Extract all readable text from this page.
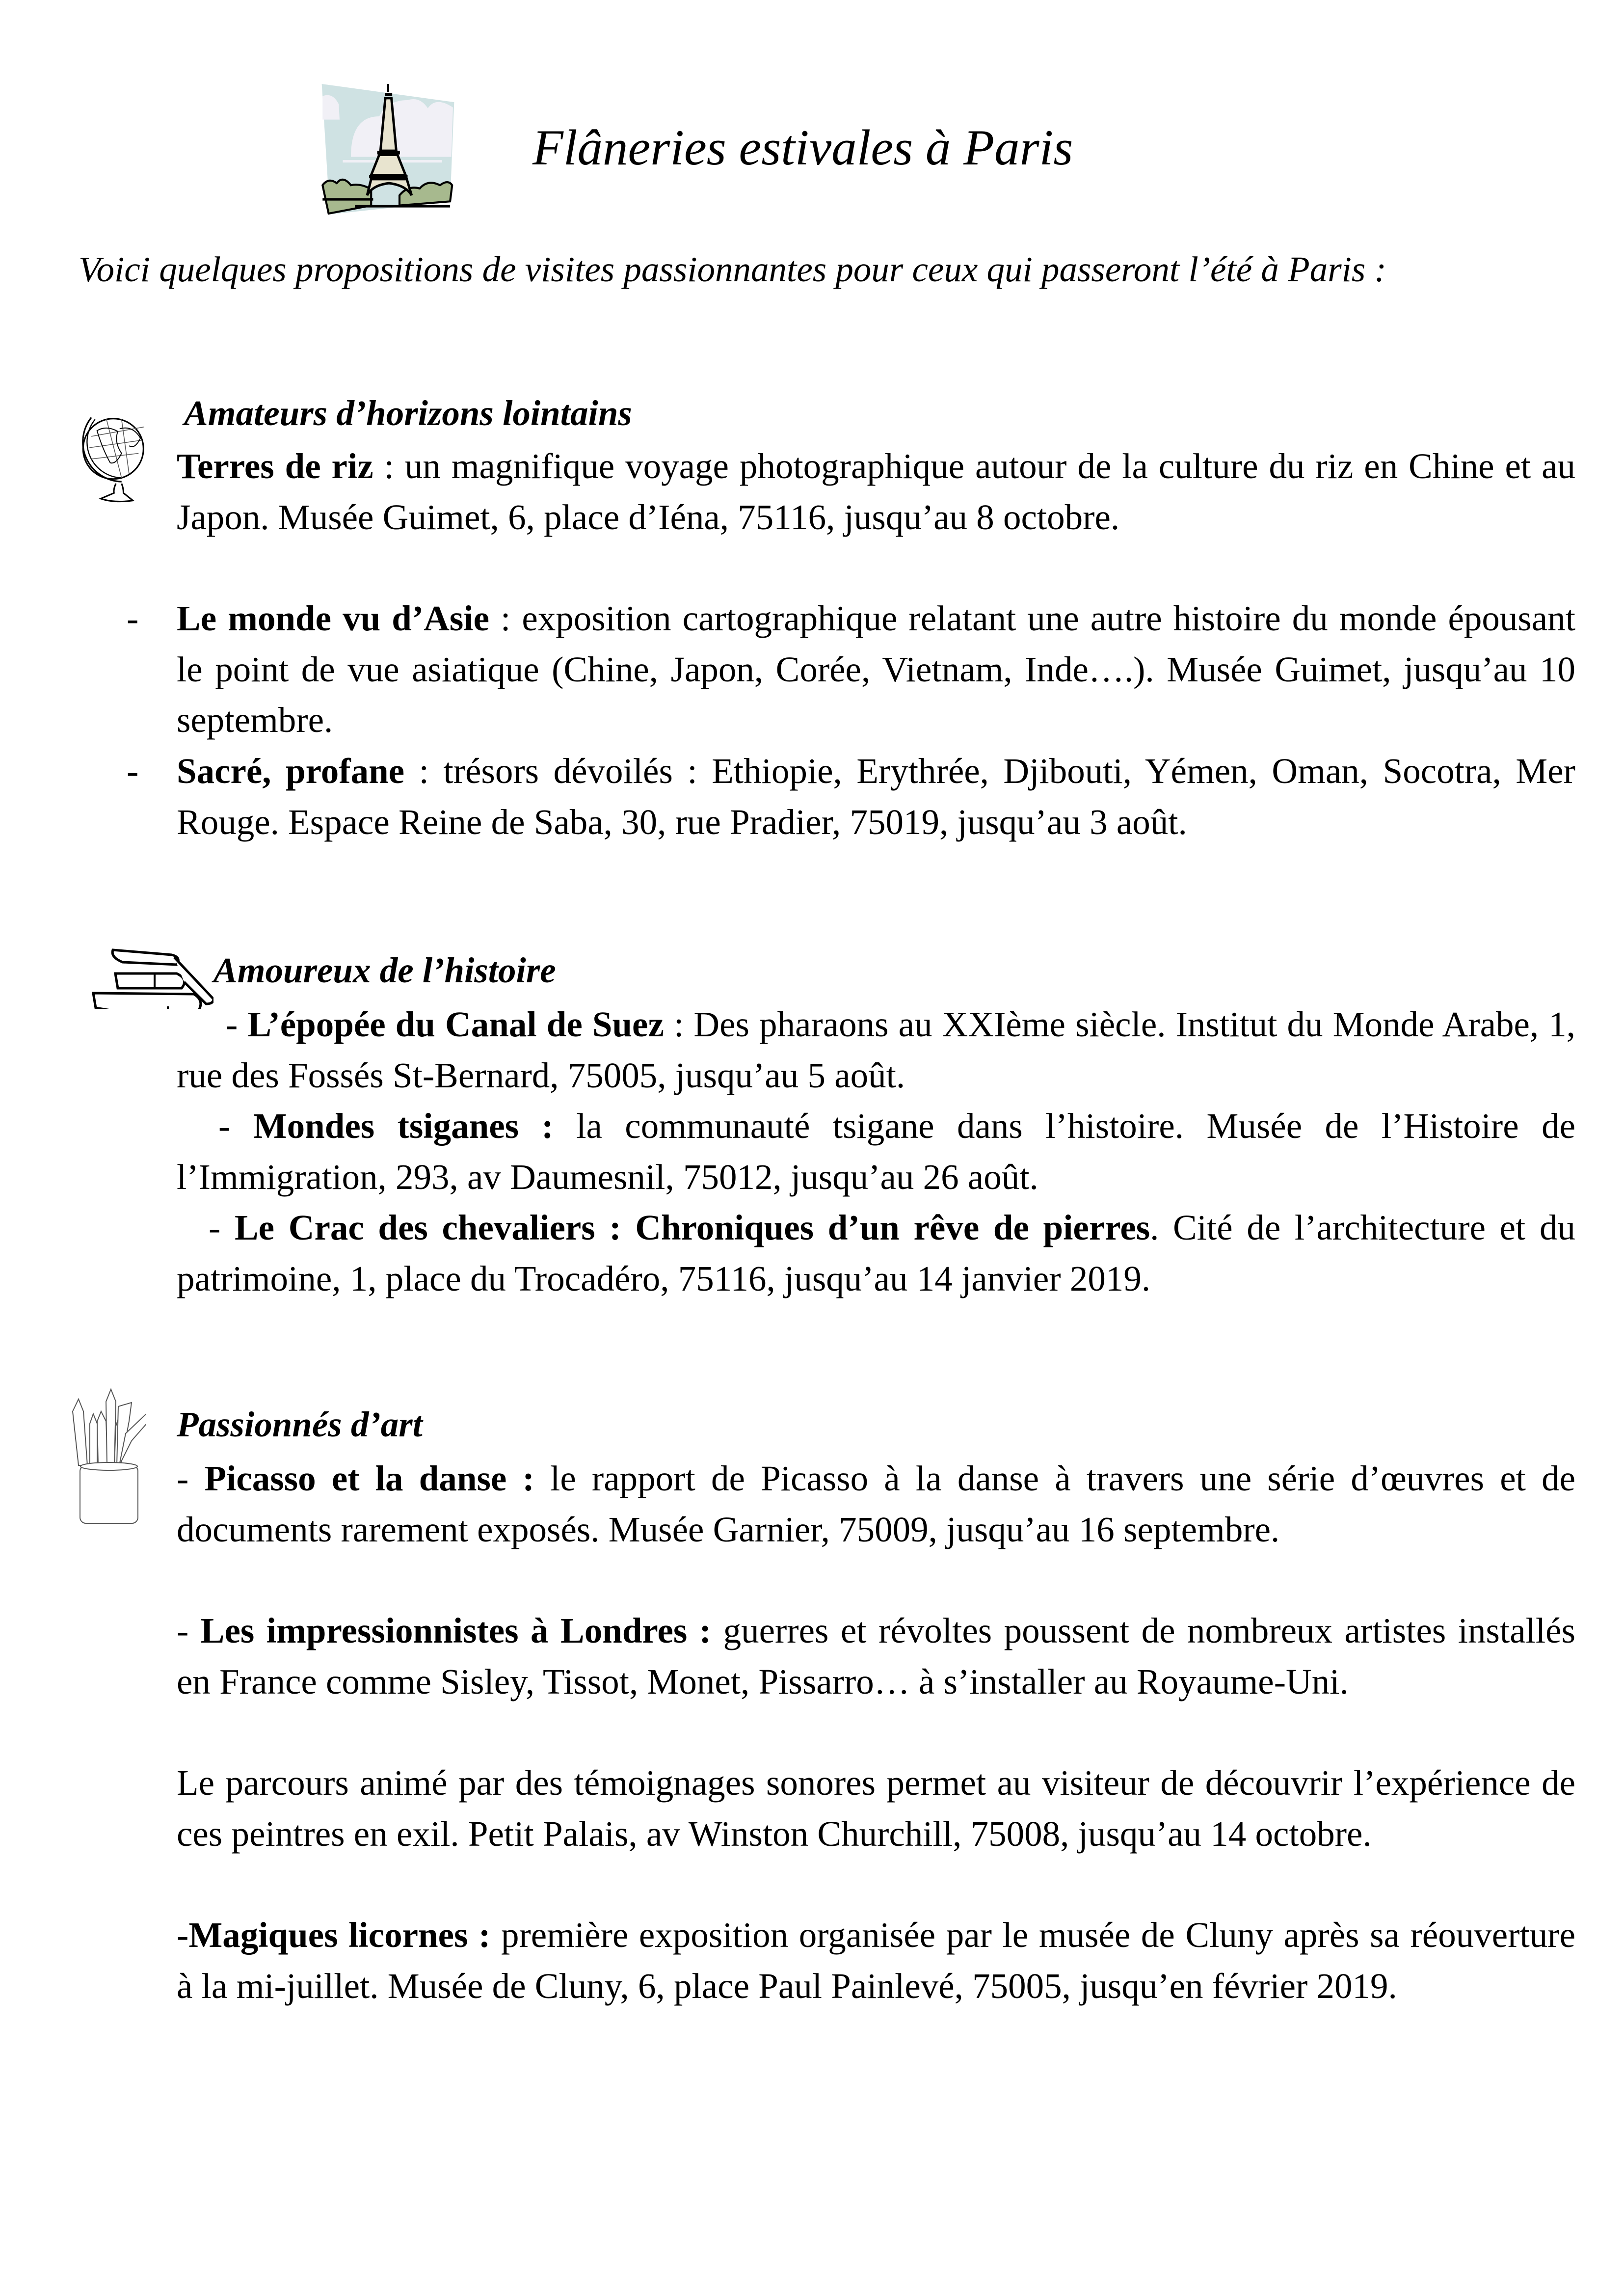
Flâneries estivales à Paris
Voici quelques propositions de visites passionnantes pour ceux qui passeront l’été à Paris :
Amateurs d’horizons lointains
Terres de riz : un magnifique voyage photographique autour de la culture du riz en Chine et au Japon. Musée Guimet, 6, place d’Iéna, 75116, jusqu’au 8 octobre.
- Le monde vu d’Asie : exposition cartographique relatant une autre histoire du monde épousant le point de vue asiatique (Chine, Japon, Corée, Vietnam, Inde….). Musée Guimet, jusqu’au 10 septembre.
- Sacré, profane : trésors dévoilés : Ethiopie, Erythrée, Djibouti, Yémen, Oman, Socotra, Mer Rouge. Espace Reine de Saba, 30, rue Pradier, 75019, jusqu’au 3 août.
Amoureux de l’histoire
- L’épopée du Canal de Suez : Des pharaons au XXIème siècle. Institut du Monde Arabe, 1, rue des Fossés St-Bernard, 75005, jusqu’au 5 août.
- Mondes tsiganes : la communauté tsigane dans l’histoire. Musée de l’Histoire de l’Immigration, 293, av Daumesnil, 75012, jusqu’au 26 août.
- Le Crac des chevaliers : Chroniques d’un rêve de pierres. Cité de l’architecture et du patrimoine, 1, place du Trocadéro, 75116, jusqu’au 14 janvier 2019.
Passionnés d’art
- Picasso et la danse : le rapport de Picasso à la danse à travers une série d’œuvres et de documents rarement exposés. Musée Garnier, 75009, jusqu’au 16 septembre.
- Les impressionnistes à Londres : guerres et révoltes poussent de nombreux artistes installés en France comme Sisley, Tissot, Monet, Pissarro… à s’installer au Royaume-Uni.
Le parcours animé par des témoignages sonores permet au visiteur de découvrir l’expérience de ces peintres en exil. Petit Palais, av Winston Churchill, 75008, jusqu’au 14 octobre.
-Magiques licornes : première exposition organisée par le musée de Cluny après sa réouverture à la mi-juillet. Musée de Cluny, 6, place Paul Painlevé, 75005, jusqu’en février 2019.
